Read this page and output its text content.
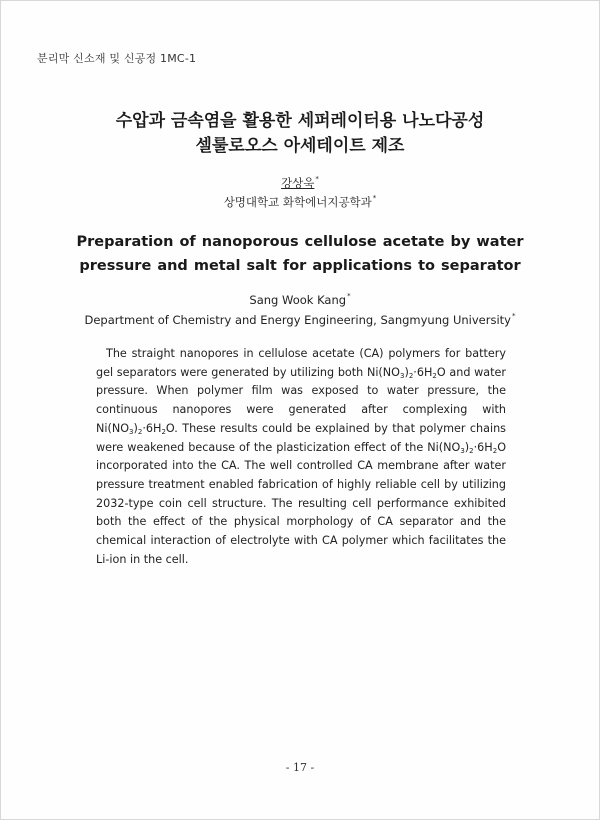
분리막 신소재 및 신공정 1MC-1
수압과 금속염을 활용한 세퍼레이터용 나노다공성
셀룰로오스 아세테이트 제조
강상욱*
상명대학교 화학에너지공학과*
Preparation of nanoporous cellulose acetate by water
pressure and metal salt for applications to separator
Sang Wook Kang*
Department of Chemistry and Energy Engineering, Sangmyung University*
The straight nanopores in cellulose acetate (CA) polymers for battery gel separators were generated by utilizing both $Ni(NO_3)_2\cdot 6H_2O$ and water pressure. When polymer film was exposed to water pressure, the continuous nanopores were generated after complexing with $Ni(NO_3)_2\cdot 6H_2O$. These results could be explained by that polymer chains were weakened because of the plasticization effect of the $Ni(NO_3)_2\cdot 6H_2O$ incorporated into the CA. The well controlled CA membrane after water pressure treatment enabled fabrication of highly reliable cell by utilizing 2032-type coin cell structure. The resulting cell performance exhibited both the effect of the physical morphology of CA separator and the chemical interaction of electrolyte with CA polymer which facilitates the Li-ion in the cell.
- 17 -
